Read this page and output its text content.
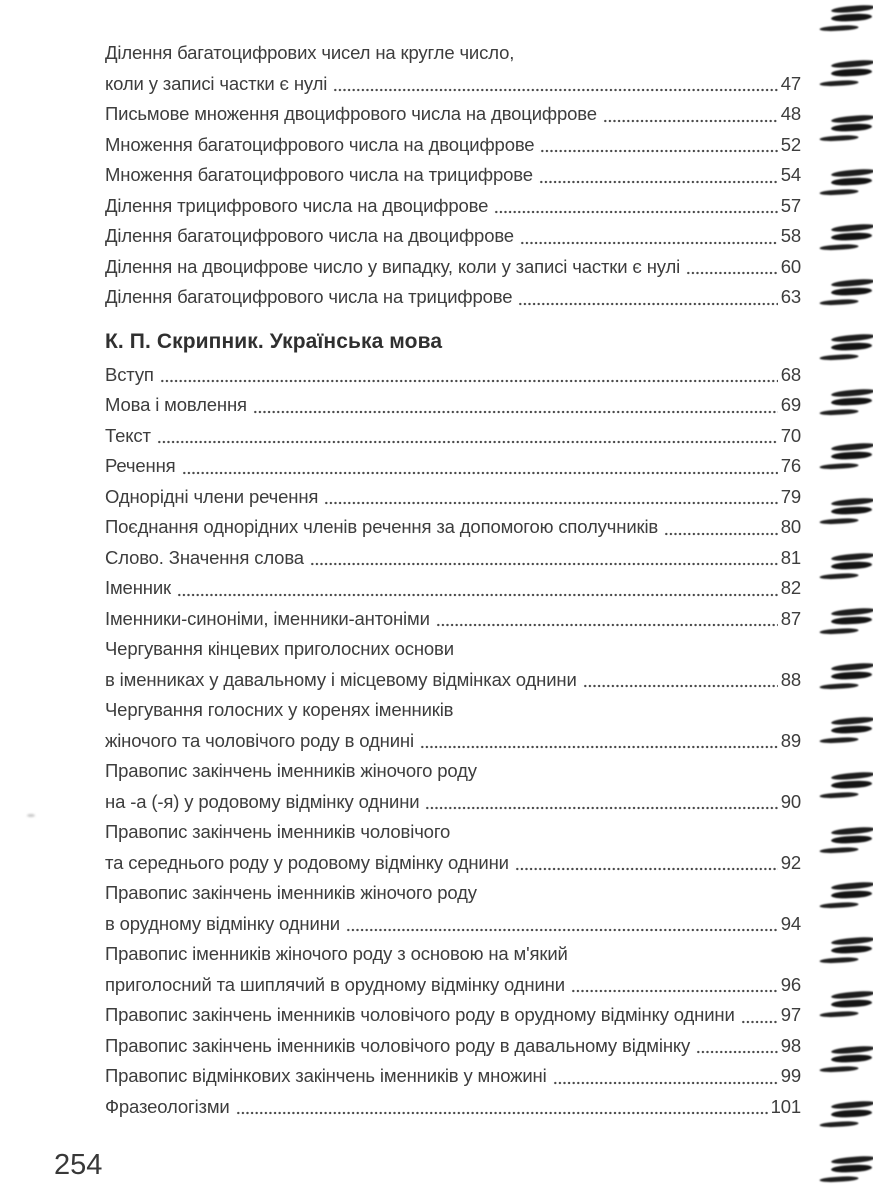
Ділення багатоцифрових чисел на кругле число,
коли у записі частки є нулі	47
Письмове множення двоцифрового числа на двоцифрове	48
Множення багатоцифрового числа на двоцифрове	52
Множення багатоцифрового числа на трицифрове	54
Ділення трицифрового числа на двоцифрове	57
Ділення багатоцифрового числа на двоцифрове	58
Ділення на двоцифрове число у випадку, коли у записі частки є нулі	60
Ділення багатоцифрового числа на трицифрове	63
К. П. Скрипник. Українська мова
Вступ	68
Мова і мовлення	69
Текст	70
Речення	76
Однорідні члени речення	79
Поєднання однорідних членів речення за допомогою сполучників	80
Слово. Значення слова	81
Іменник	82
Іменники-синоніми, іменники-антоніми	87
Чергування кінцевих приголосних основи
в іменниках у давальному і місцевому відмінках однини	88
Чергування голосних у коренях іменників
жіночого та чоловічого роду в однині	89
Правопис закінчень іменників жіночого роду
на -а (-я) у родовому відмінку однини	90
Правопис закінчень іменників чоловічого
та середнього роду у родовому відмінку однини	92
Правопис закінчень іменників жіночого роду
в орудному відмінку однини	94
Правопис іменників жіночого роду з основою на м'який
приголосний та шиплячий в орудному відмінку однини	96
Правопис закінчень іменників чоловічого роду в орудному відмінку однини 97
Правопис закінчень іменників чоловічого роду в давальному відмінку	98
Правопис відмінкових закінчень іменників у множині	99
Фразеологізми	101
254
